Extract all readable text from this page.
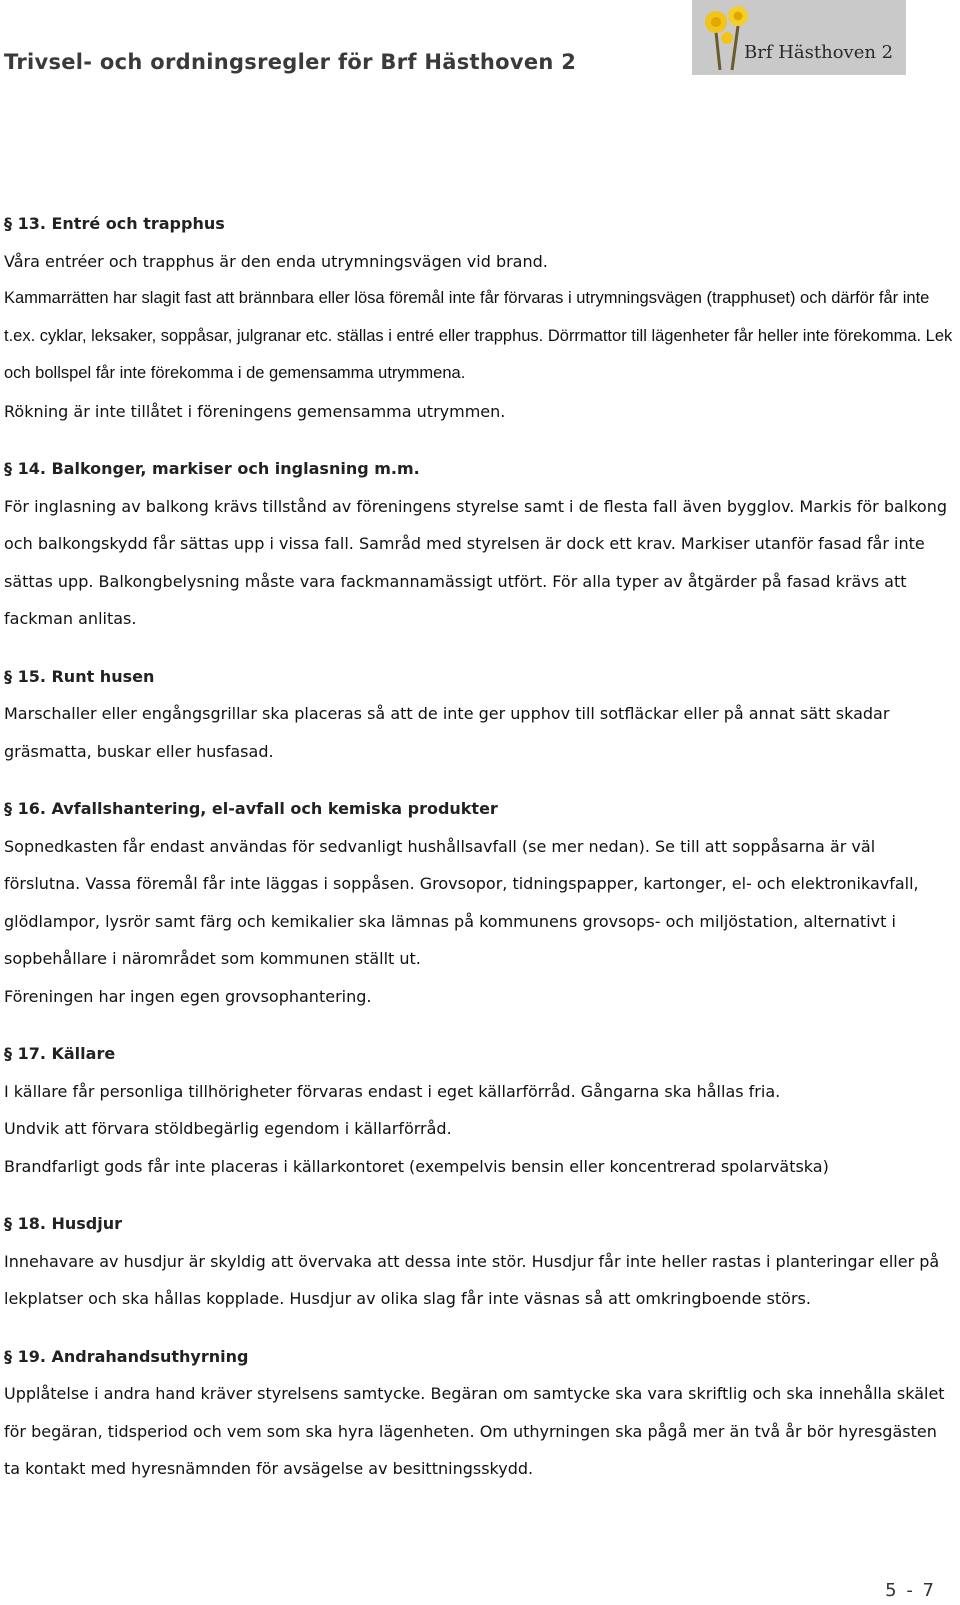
Trivsel- och ordningsregler för Brf Hästhoven 2	Brf Hästhoven 2
§ 13. Entré och trapphus

Våra entréer och trapphus är den enda utrymningsvägen vid brand.

Kammarrätten har slagit fast att brännbara eller lösa föremål inte får förvaras i utrymningsvägen (trapphuset) och därför får inte t.ex. cyklar, leksaker, soppåsar, julgranar etc. ställas i entré eller trapphus. Dörrmattor till lägenheter får heller inte förekomma. Lek och bollspel får inte förekomma i de gemensamma utrymmena.

Rökning är inte tillåtet i föreningens gemensamma utrymmen.

§ 14. Balkonger, markiser och inglasning m.m.

För inglasning av balkong krävs tillstånd av föreningens styrelse samt i de flesta fall även bygglov. Markis för balkong och balkongskydd får sättas upp i vissa fall. Samråd med styrelsen är dock ett krav. Markiser utanför fasad får inte sättas upp. Balkongbelysning måste vara fackmannamässigt utfört. För alla typer av åtgärder på fasad krävs att fackman anlitas.

§ 15. Runt husen

Marschaller eller engångsgrillar ska placeras så att de inte ger upphov till sotfläckar eller på annat sätt skadar gräsmatta, buskar eller husfasad.

§ 16. Avfallshantering, el-avfall och kemiska produkter

Sopnedkasten får endast användas för sedvanligt hushållsavfall (se mer nedan). Se till att soppåsarna är väl förslutna. Vassa föremål får inte läggas i soppåsen. Grovsopor, tidningspapper, kartonger, el- och elektronikavfall, glödlampor, lysrör samt färg och kemikalier ska lämnas på kommunens grovsops- och miljöstation, alternativt i sopbehållare i närområdet som kommunen ställt ut.

Föreningen har ingen egen grovsophantering.

§ 17. Källare

I källare får personliga tillhörigheter förvaras endast i eget källarförråd. Gångarna ska hållas fria.

Undvik att förvara stöldbegärlig egendom i källarförråd.

Brandfarligt gods får inte placeras i källarkontoret (exempelvis bensin eller koncentrerad spolarvätska)

§ 18. Husdjur

Innehavare av husdjur är skyldig att övervaka att dessa inte stör. Husdjur får inte heller rastas i planteringar eller på lekplatser och ska hållas kopplade. Husdjur av olika slag får inte väsnas så att omkringboende störs.

§ 19. Andrahandsuthyrning

Upplåtelse i andra hand kräver styrelsens samtycke. Begäran om samtycke ska vara skriftlig och ska innehålla skälet för begäran, tidsperiod och vem som ska hyra lägenheten. Om uthyrningen ska pågå mer än två år bör hyresgästen ta kontakt med hyresnämnden för avsägelse av besittningsskydd.

5 - 7
